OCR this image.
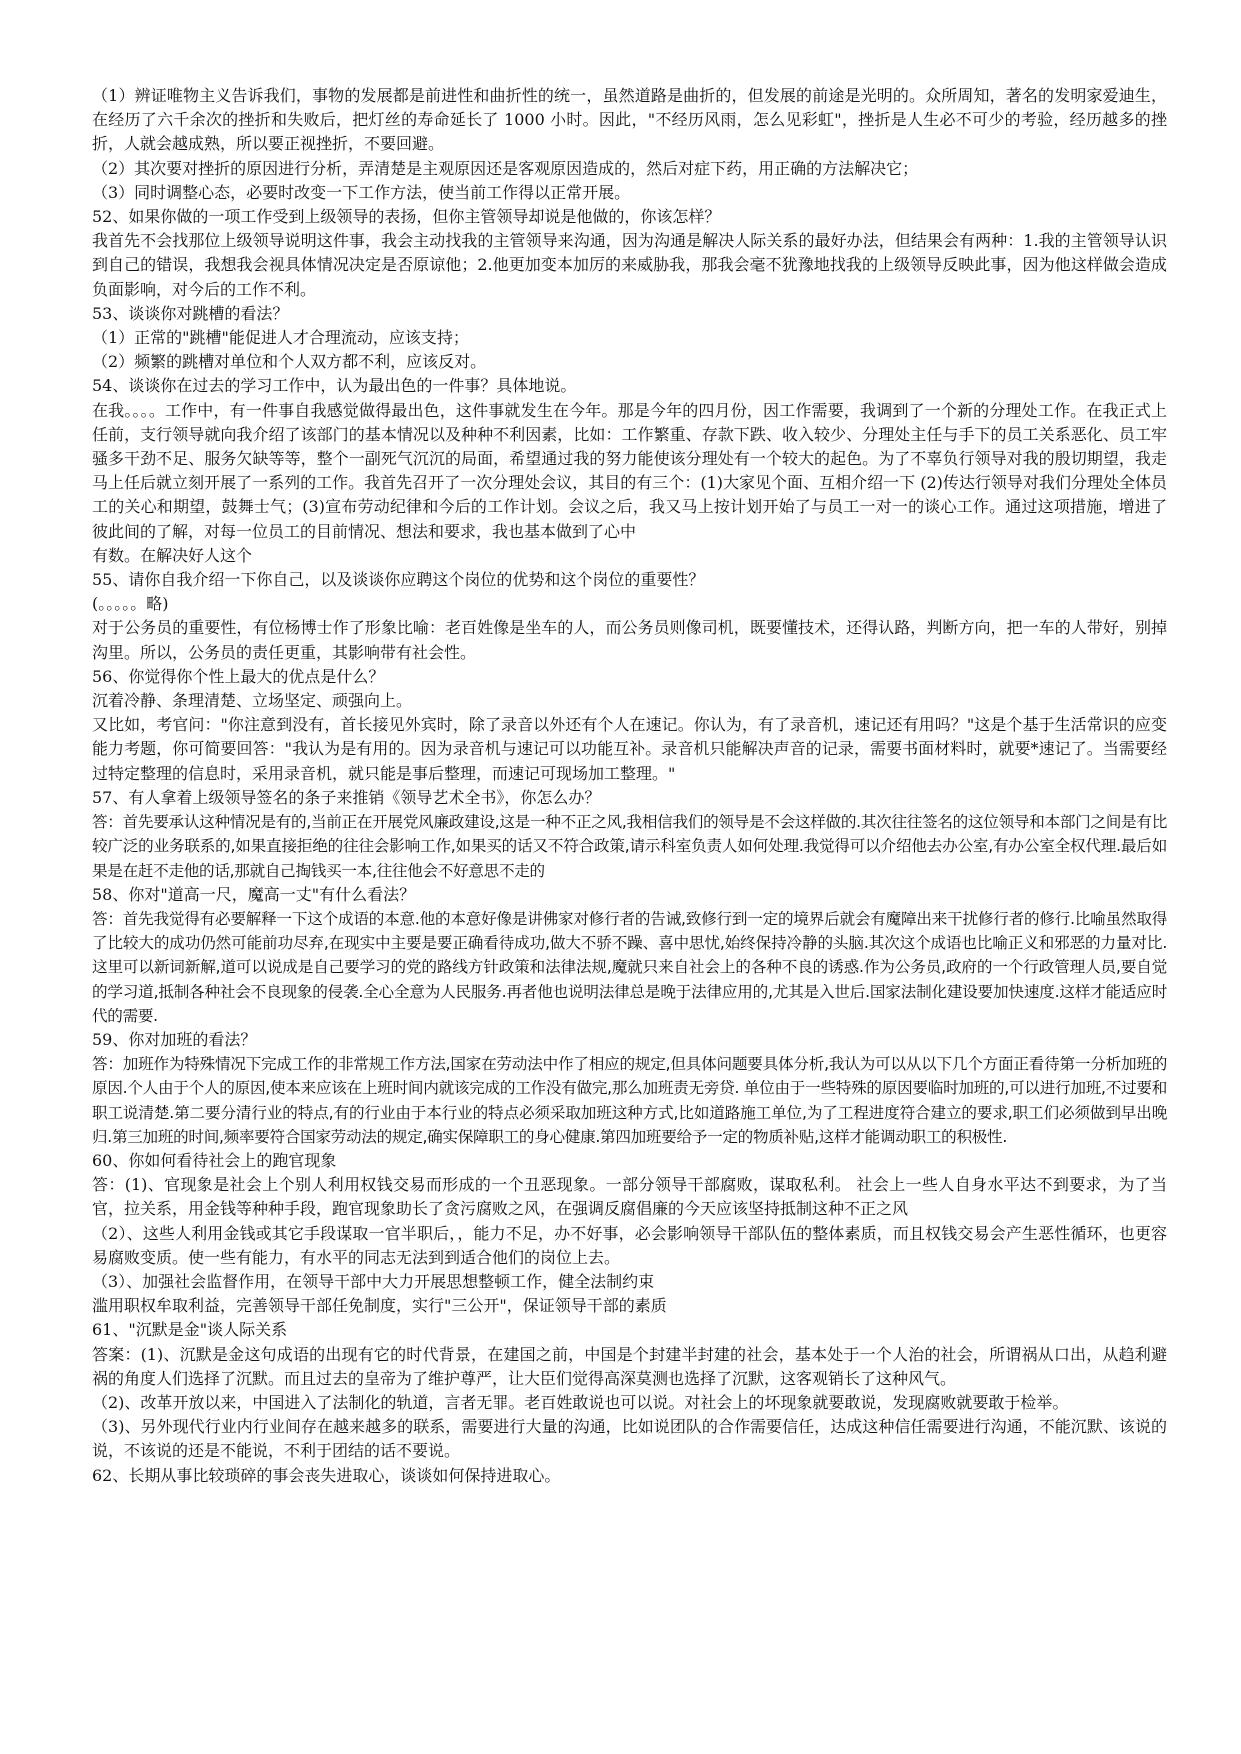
（1）辨证唯物主义告诉我们，事物的发展都是前进性和曲折性的统一，虽然道路是曲折的，但发展的前途是光明的。众所周知，著名的发明家爱迪生，在经历了六千余次的挫折和失败后，把灯丝的寿命延长了 1000 小时。因此，"不经历风雨，怎么见彩虹"，挫折是人生必不可少的考验，经历越多的挫折，人就会越成熟，所以要正视挫折，不要回避。

（2）其次要对挫折的原因进行分析，弄清楚是主观原因还是客观原因造成的，然后对症下药，用正确的方法解决它；

（3）同时调整心态，必要时改变一下工作方法，使当前工作得以正常开展。

52、如果你做的一项工作受到上级领导的表扬，但你主管领导却说是他做的，你该怎样？

我首先不会找那位上级领导说明这件事，我会主动找我的主管领导来沟通，因为沟通是解决人际关系的最好办法，但结果会有两种：1.我的主管领导认识到自己的错误，我想我会视具体情况决定是否原谅他；2.他更加变本加厉的来威胁我，那我会毫不犹豫地找我的上级领导反映此事，因为他这样做会造成负面影响，对今后的工作不利。

53、谈谈你对跳槽的看法？

（1）正常的"跳槽"能促进人才合理流动，应该支持；

（2）频繁的跳槽对单位和个人双方都不利，应该反对。

54、谈谈你在过去的学习工作中，认为最出色的一件事？具体地说。

在我。。。。工作中，有一件事自我感觉做得最出色，这件事就发生在今年。那是今年的四月份，因工作需要，我调到了一个新的分理处工作。在我正式上任前，支行领导就向我介绍了该部门的基本情况以及种种不利因素，比如：工作繁重、存款下跌、收入较少、分理处主任与手下的员工关系恶化、员工牢骚多干劲不足、服务欠缺等等，整个一副死气沉沉的局面，希望通过我的努力能使该分理处有一个较大的起色。为了不辜负行领导对我的殷切期望，我走马上任后就立刻开展了一系列的工作。我首先召开了一次分理处会议，其目的有三个：(1)大家见个面、互相介绍一下 (2)传达行领导对我们分理处全体员工的关心和期望，鼓舞士气；(3)宣布劳动纪律和今后的工作计划。会议之后，我又马上按计划开始了与员工一对一的谈心工作。通过这项措施，增进了彼此间的了解，对每一位员工的目前情况、想法和要求，我也基本做到了心中

有数。在解决好人这个

55、请你自我介绍一下你自己，以及谈谈你应聘这个岗位的优势和这个岗位的重要性？

(。。。。。略)

对于公务员的重要性，有位杨博士作了形象比喻：老百姓像是坐车的人，而公务员则像司机，既要懂技术，还得认路，判断方向，把一车的人带好，别掉沟里。所以，公务员的责任更重，其影响带有社会性。

56、你觉得你个性上最大的优点是什么？

沉着冷静、条理清楚、立场坚定、顽强向上。

又比如，考官问："你注意到没有，首长接见外宾时，除了录音以外还有个人在速记。你认为，有了录音机，速记还有用吗？"这是个基于生活常识的应变能力考题，你可简要回答："我认为是有用的。因为录音机与速记可以功能互补。录音机只能解决声音的记录，需要书面材料时，就要*速记了。当需要经过特定整理的信息时，采用录音机，就只能是事后整理，而速记可现场加工整理。"

57、有人拿着上级领导签名的条子来推销《领导艺术全书》，你怎么办？

答：首先要承认这种情况是有的,当前正在开展党风廉政建设,这是一种不正之风,我相信我们的领导是不会这样做的.其次往往签名的这位领导和本部门之间是有比较广泛的业务联系的,如果直接拒绝的往往会影响工作,如果买的话又不符合政策,请示科室负责人如何处理.我觉得可以介绍他去办公室,有办公室全权代理.最后如果是在赶不走他的话,那就自己掏钱买一本,往往他会不好意思不走的

58、你对"道高一尺，魔高一丈"有什么看法？

答：首先我觉得有必要解释一下这个成语的本意.他的本意好像是讲佛家对修行者的告诫,致修行到一定的境界后就会有魔障出来干扰修行者的修行.比喻虽然取得了比较大的成功仍然可能前功尽弃,在现实中主要是要正确看待成功,做大不骄不躁、喜中思忧,始终保持冷静的头脑.其次这个成语也比喻正义和邪恶的力量对比.这里可以新词新解,道可以说成是自己要学习的党的路线方针政策和法律法规,魔就只来自社会上的各种不良的诱惑.作为公务员,政府的一个行政管理人员,要自觉的学习道,抵制各种社会不良现象的侵袭.全心全意为人民服务.再者他也说明法律总是晚于法律应用的,尤其是入世后.国家法制化建设要加快速度.这样才能适应时代的需要.

59、你对加班的看法？

答：加班作为特殊情况下完成工作的非常规工作方法,国家在劳动法中作了相应的规定,但具体问题要具体分析,我认为可以从以下几个方面正看待第一分析加班的原因.个人由于个人的原因,使本来应该在上班时间内就该完成的工作没有做完,那么加班责无旁贷. 单位由于一些特殊的原因要临时加班的,可以进行加班,不过要和职工说清楚.第二要分清行业的特点,有的行业由于本行业的特点必须采取加班这种方式,比如道路施工单位,为了工程进度符合建立的要求,职工们必须做到早出晚归.第三加班的时间,频率要符合国家劳动法的规定,确实保障职工的身心健康.第四加班要给予一定的物质补贴,这样才能调动职工的积极性.

60、你如何看待社会上的跑官现象

答：(1)、官现象是社会上个别人利用权钱交易而形成的一个丑恶现象。一部分领导干部腐败，谋取私利。 社会上一些人自身水平达不到要求，为了当官，拉关系，用金钱等种种手段，跑官现象助长了贪污腐败之风，在强调反腐倡廉的今天应该坚持抵制这种不正之风

（2）、这些人利用金钱或其它手段谋取一官半职后，，能力不足，办不好事，必会影响领导干部队伍的整体素质，而且权钱交易会产生恶性循环，也更容易腐败变质。使一些有能力，有水平的同志无法到到适合他们的岗位上去。

（3）、加强社会监督作用，在领导干部中大力开展思想整顿工作，健全法制约束

滥用职权牟取利益，完善领导干部任免制度，实行"三公开"，保证领导干部的素质

61、"沉默是金"谈人际关系

答案：(1)、沉默是金这句成语的出现有它的时代背景，在建国之前，中国是个封建半封建的社会，基本处于一个人治的社会，所谓祸从口出，从趋利避祸的角度人们选择了沉默。而且过去的皇帝为了维护尊严，让大臣们觉得高深莫测也选择了沉默，这客观销长了这种风气。

（2)、改革开放以来，中国进入了法制化的轨道，言者无罪。老百姓敢说也可以说。对社会上的坏现象就要敢说，发现腐败就要敢于检举。

（3)、另外现代行业内行业间存在越来越多的联系，需要进行大量的沟通，比如说团队的合作需要信任，达成这种信任需要进行沟通，不能沉默、该说的说，不该说的还是不能说，不利于团结的话不要说。

62、长期从事比较琐碎的事会丧失进取心，谈谈如何保持进取心。
